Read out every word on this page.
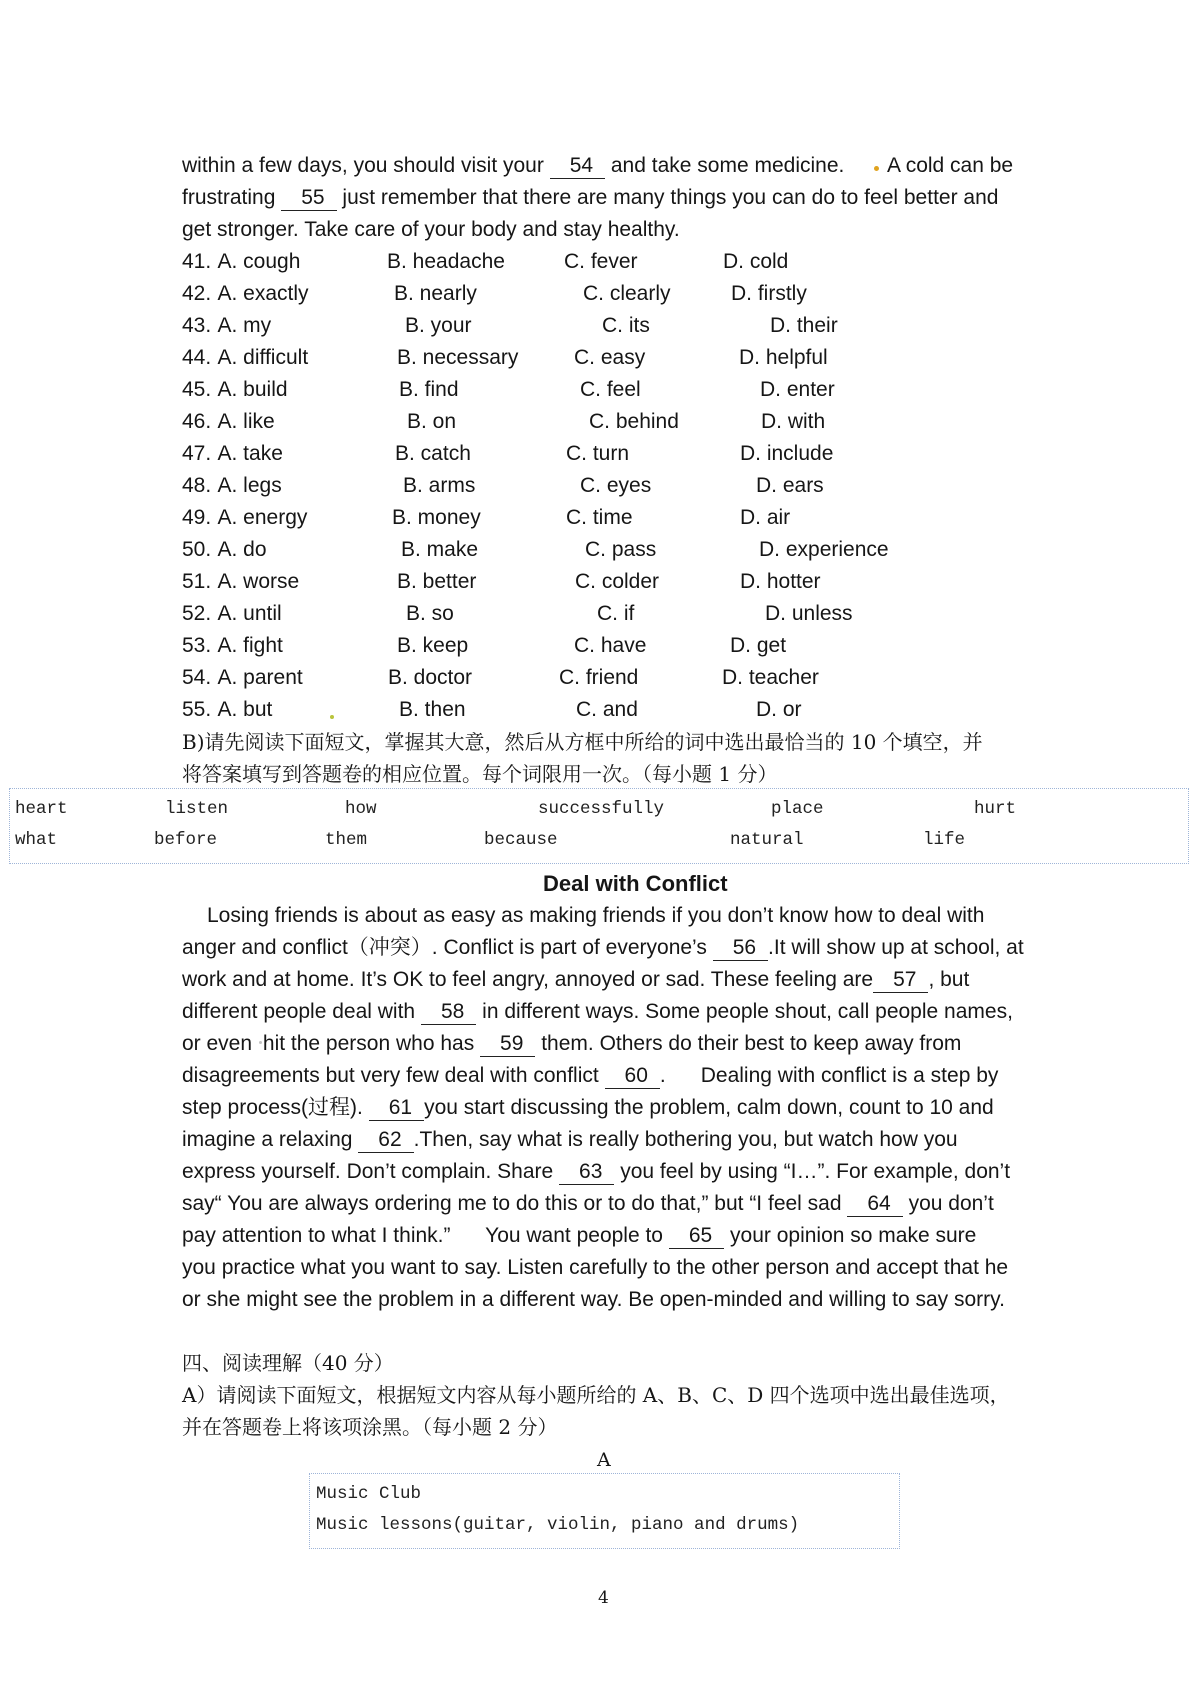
within a few days, you should visit your 54 and take some medicine. A cold can be
frustrating 55 just remember that there are many things you can do to feel better and
get stronger. Take care of your body and stay healthy.
41. A. cough	B. headache	C. fever	D. cold
42. A. exactly	B. nearly	C. clearly	D. firstly
43. A. my	B. your	C. its	D. their
44. A. difficult	B. necessary	C. easy	D. helpful
45. A. build	B. find	C. feel	D. enter
46. A. like	B. on	C. behind	D. with
47. A. take	B. catch	C. turn	D. include
48. A. legs	B. arms	C. eyes	D. ears
49. A. energy	B. money	C. time	D. air
50. A. do	B. make	C. pass	D. experience
51. A. worse	B. better	C. colder	D. hotter
52. A. until	B. so	C. if	D. unless
53. A. fight	B. keep	C. have	D. get
54. A. parent	B. doctor	C. friend	D. teacher
55. A. but	B. then	C. and	D. or
B)请先阅读下面短文，掌握其大意，然后从方框中所给的词中选出最恰当的 10 个填空，并
将答案填写到答题卷的相应位置。每个词限用一次。（每小题 1 分）
heart	listen	how	successfully	place	hurt
what	before	them	because	natural	life
Deal with Conflict
Losing friends is about as easy as making friends if you don’t know how to deal with
anger and conflict（冲突）. Conflict is part of everyone’s 56 .It will show up at school, at
work and at home. It’s OK to feel angry, annoyed or sad. These feeling are 57 , but
different people deal with 58 in different ways. Some people shout, call people names,
or even hit the person who has 59 them. Others do their best to keep away from
disagreements but very few deal with conflict 60 .      Dealing with conflict is a step by
step process(过程). 61 you start discussing the problem, calm down, count to 10 and
imagine a relaxing 62 .Then, say what is really bothering you, but watch how you
express yourself. Don’t complain. Share 63 you feel by using “I…”. For example, don’t
say“ You are always ordering me to do this or to do that,” but “I feel sad 64 you don’t
pay attention to what I think.”      You want people to 65 your opinion so make sure
you practice what you want to say. Listen carefully to the other person and accept that he
or she might see the problem in a different way. Be open-minded and willing to say sorry.
四、阅读理解（40 分）
A）请阅读下面短文，根据短文内容从每小题所给的 A、B、C、D 四个选项中选出最佳选项，
并在答题卷上将该项涂黑。（每小题 2 分）
A
Music Club
Music lessons(guitar, violin, piano and drums)
4
